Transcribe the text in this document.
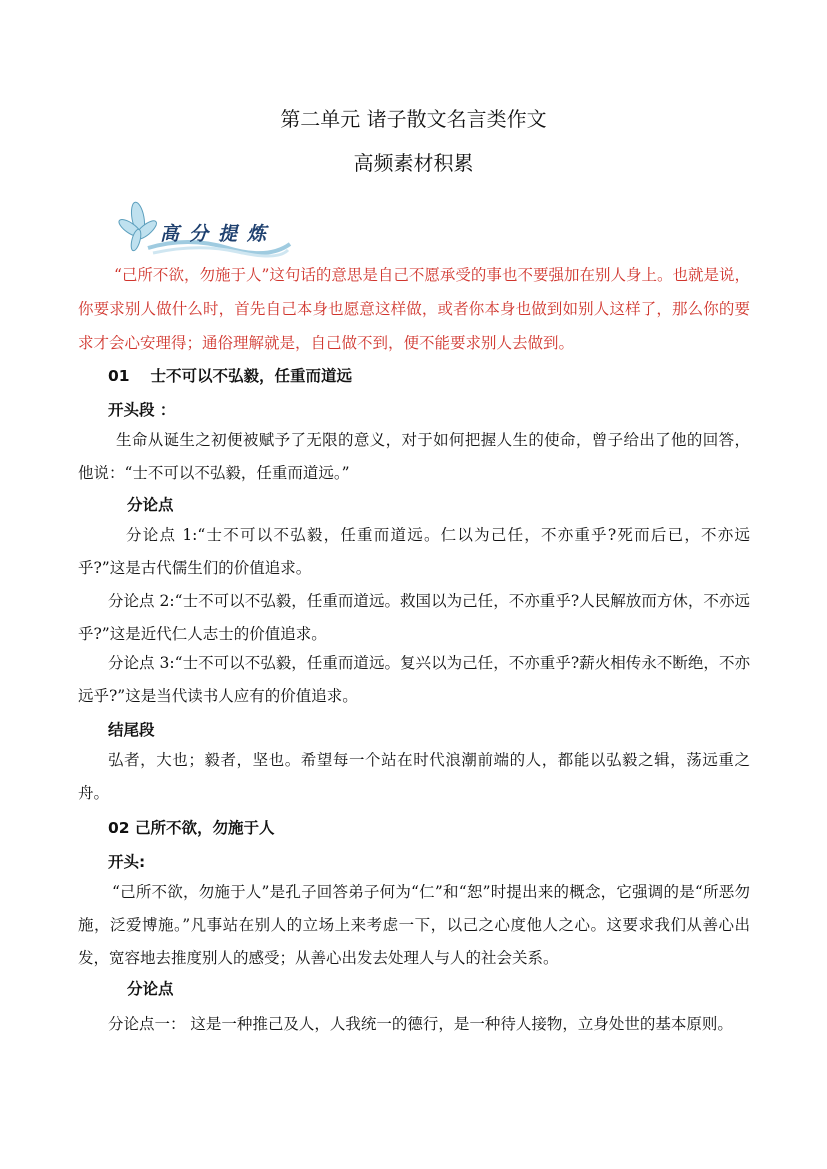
第二单元 诸子散文名言类作文
高频素材积累
高分提炼
“己所不欲，勿施于人”这句话的意思是自己不愿承受的事也不要强加在别人身上。也就是说，你要求别人做什么时，首先自己本身也愿意这样做，或者你本身也做到如别人这样了，那么你的要求才会心安理得；通俗理解就是，自己做不到，便不能要求别人去做到。
01　 士不可以不弘毅，任重而道远
开头段 ：
生命从诞生之初便被赋予了无限的意义，对于如何把握人生的使命，曾子给出了他的回答，他说：“士不可以不弘毅，任重而道远。”
分论点
分论点 1:“士不可以不弘毅，任重而道远。仁以为己任，不亦重乎?死而后已，不亦远乎?”这是古代儒生们的价值追求。
分论点 2:“士不可以不弘毅，任重而道远。救国以为己任，不亦重乎?人民解放而方休，不亦远乎?”这是近代仁人志士的价值追求。
分论点 3:“士不可以不弘毅，任重而道远。复兴以为己任，不亦重乎?薪火相传永不断绝，不亦远乎?”这是当代读书人应有的价值追求。
结尾段
弘者，大也；毅者，坚也。希望每一个站在时代浪潮前端的人，都能以弘毅之辑，荡远重之舟。
02 己所不欲，勿施于人
开头:
“己所不欲，勿施于人”是孔子回答弟子何为“仁”和“恕”时提出来的概念，它强调的是“所恶勿施，泛爱博施。”凡事站在别人的立场上来考虑一下，以己之心度他人之心。这要求我们从善心出发，宽容地去推度别人的感受；从善心出发去处理人与人的社会关系。
分论点
分论点一： 这是一种推己及人，人我统一的德行，是一种待人接物，立身处世的基本原则。
